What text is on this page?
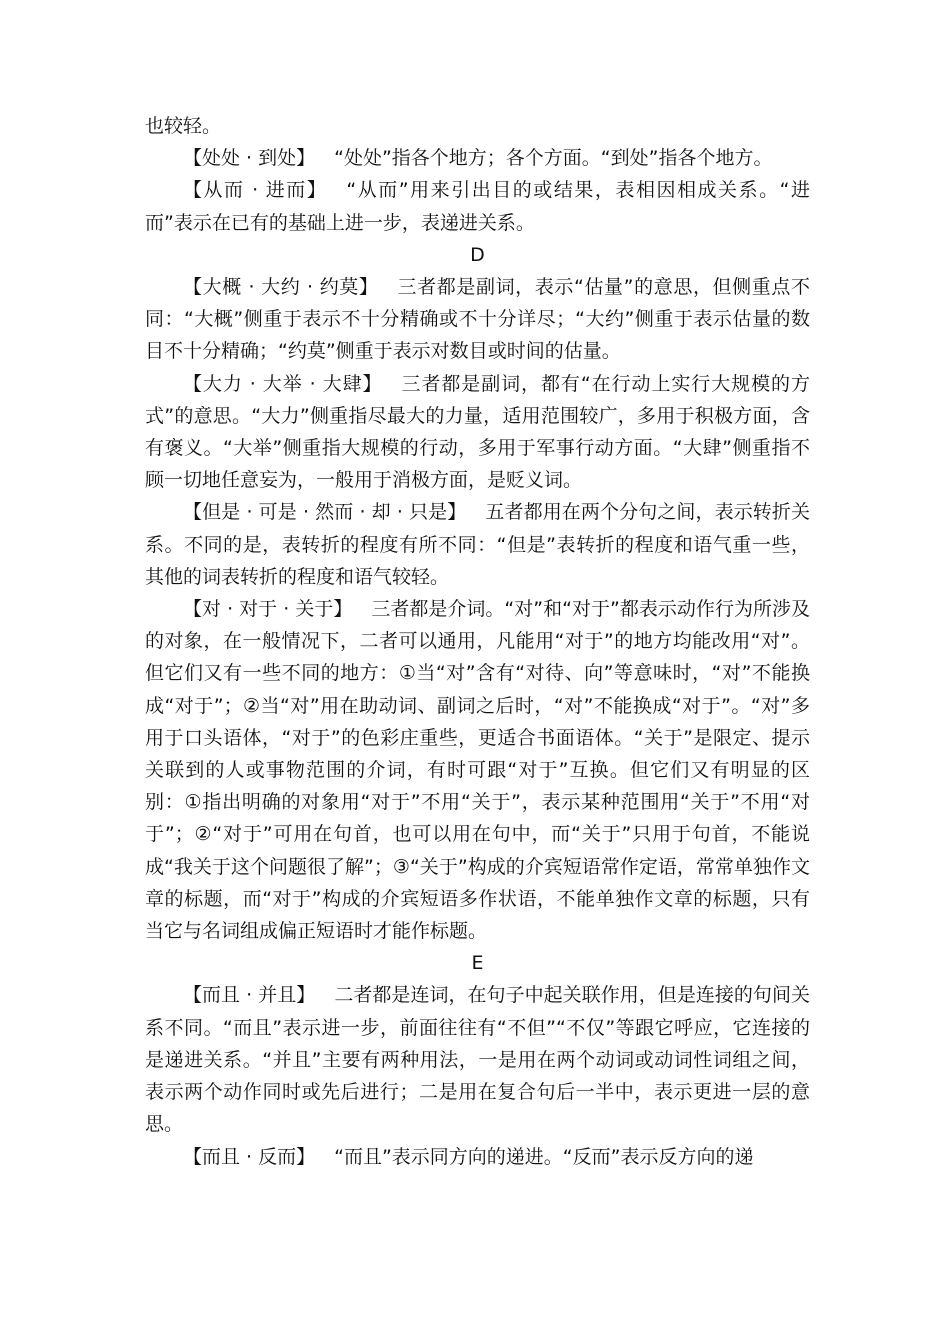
也较轻。

【处处 · 到处】 “处处”指各个地方；各个方面。“到处”指各个地方。

【从而 · 进而】 “从而”用来引出目的或结果，表相因相成关系。“进而”表示在已有的基础上进一步，表递进关系。

D

【大概 · 大约 · 约莫】 三者都是副词，表示“估量”的意思，但侧重点不同：“大概”侧重于表示不十分精确或不十分详尽；“大约”侧重于表示估量的数目不十分精确；“约莫”侧重于表示对数目或时间的估量。

【大力 · 大举 · 大肆】 三者都是副词，都有“在行动上实行大规模的方式”的意思。“大力”侧重指尽最大的力量，适用范围较广，多用于积极方面，含有褒义。“大举”侧重指大规模的行动，多用于军事行动方面。“大肆”侧重指不顾一切地任意妄为，一般用于消极方面，是贬义词。

【但是 · 可是 · 然而 · 却 · 只是】 五者都用在两个分句之间，表示转折关系。不同的是，表转折的程度有所不同：“但是”表转折的程度和语气重一些，其他的词表转折的程度和语气较轻。

【对 · 对于 · 关于】 三者都是介词。“对”和“对于”都表示动作行为所涉及的对象，在一般情况下，二者可以通用，凡能用“对于”的地方均能改用“对”。但它们又有一些不同的地方：①当“对”含有“对待、向”等意味时，“对”不能换成“对于”；②当“对”用在助动词、副词之后时，“对”不能换成“对于”。“对”多用于口头语体，“对于”的色彩庄重些，更适合书面语体。“关于”是限定、提示关联到的人或事物范围的介词，有时可跟“对于”互换。但它们又有明显的区别：①指出明确的对象用“对于”不用“关于”，表示某种范围用“关于”不用“对于”；②“对于”可用在句首，也可以用在句中，而“关于”只用于句首，不能说成“我关于这个问题很了解”；③“关于”构成的介宾短语常作定语，常常单独作文章的标题，而“对于”构成的介宾短语多作状语，不能单独作文章的标题，只有当它与名词组成偏正短语时才能作标题。

E

【而且 · 并且】 二者都是连词，在句子中起关联作用，但是连接的句间关系不同。“而且”表示进一步，前面往往有“不但”“不仅”等跟它呼应，它连接的是递进关系。“并且”主要有两种用法，一是用在两个动词或动词性词组之间，表示两个动作同时或先后进行；二是用在复合句后一半中，表示更进一层的意思。

【而且 · 反而】 “而且”表示同方向的递进。“反而”表示反方向的递
